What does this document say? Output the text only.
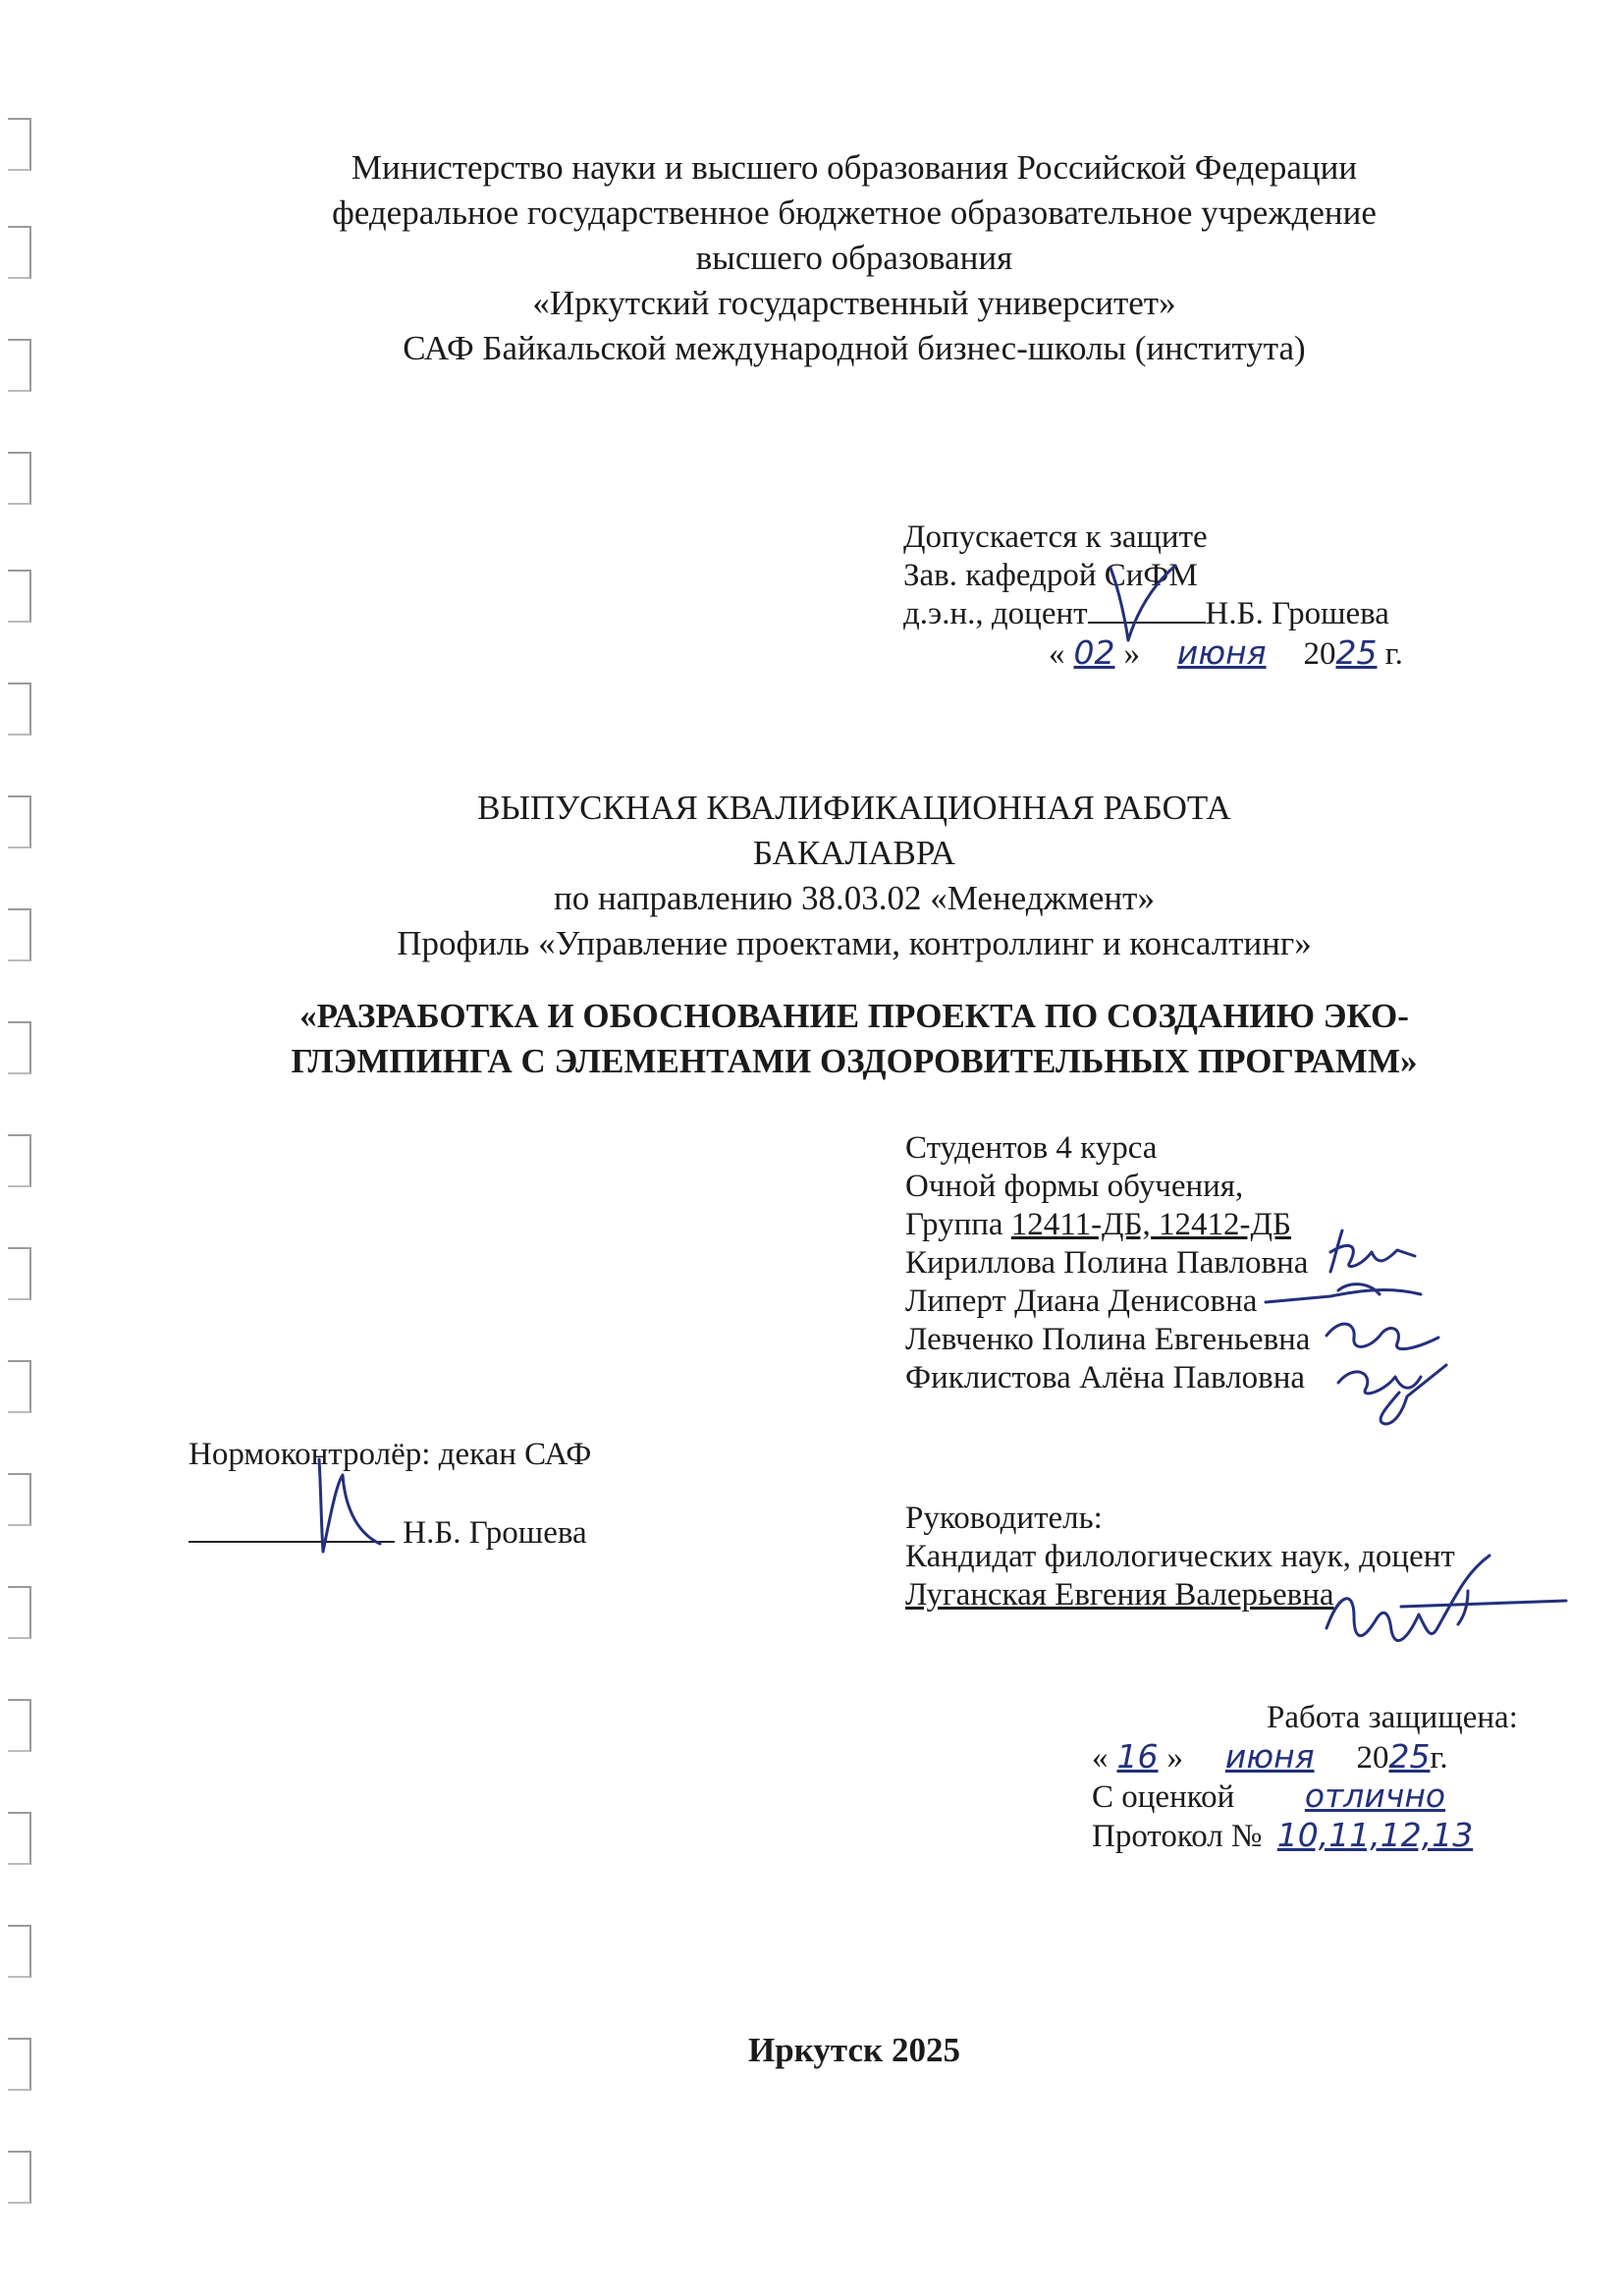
Министерство науки и высшего образования Российской Федерации
федеральное государственное бюджетное образовательное учреждение
высшего образования
«Иркутский государственный университет»
САФ Байкальской международной бизнес-школы (института)
Допускается к защите
Зав. кафедрой СиФМ
д.э.н., доцент	Н.Б. Грошева
« 02 » июня 2025 г.
ВЫПУСКНАЯ КВАЛИФИКАЦИОННАЯ РАБОТА
БАКАЛАВРА
по направлению 38.03.02 «Менеджмент»
Профиль «Управление проектами, контроллинг и консалтинг»
«РАЗРАБОТКА И ОБОСНОВАНИЕ ПРОЕКТА ПО СОЗДАНИЮ ЭКО-
ГЛЭМПИНГА С ЭЛЕМЕНТАМИ ОЗДОРОВИТЕЛЬНЫХ ПРОГРАММ»
Студентов 4 курса
Очной формы обучения,
Группа 12411-ДБ, 12412-ДБ
Кириллова Полина Павловна
Липерт Диана Денисовна
Левченко Полина Евгеньевна
Фиклистова Алёна Павловна
Нормоконтролёр: декан САФ
Н.Б. Грошева	Руководитель:
Кандидат филологических наук, доцент
Луганская Евгения Валерьевна
Работа защищена:
« 16 » июня 2025г.
С оценкой отлично
Протокол № 10,11,12,13
Иркутск 2025
